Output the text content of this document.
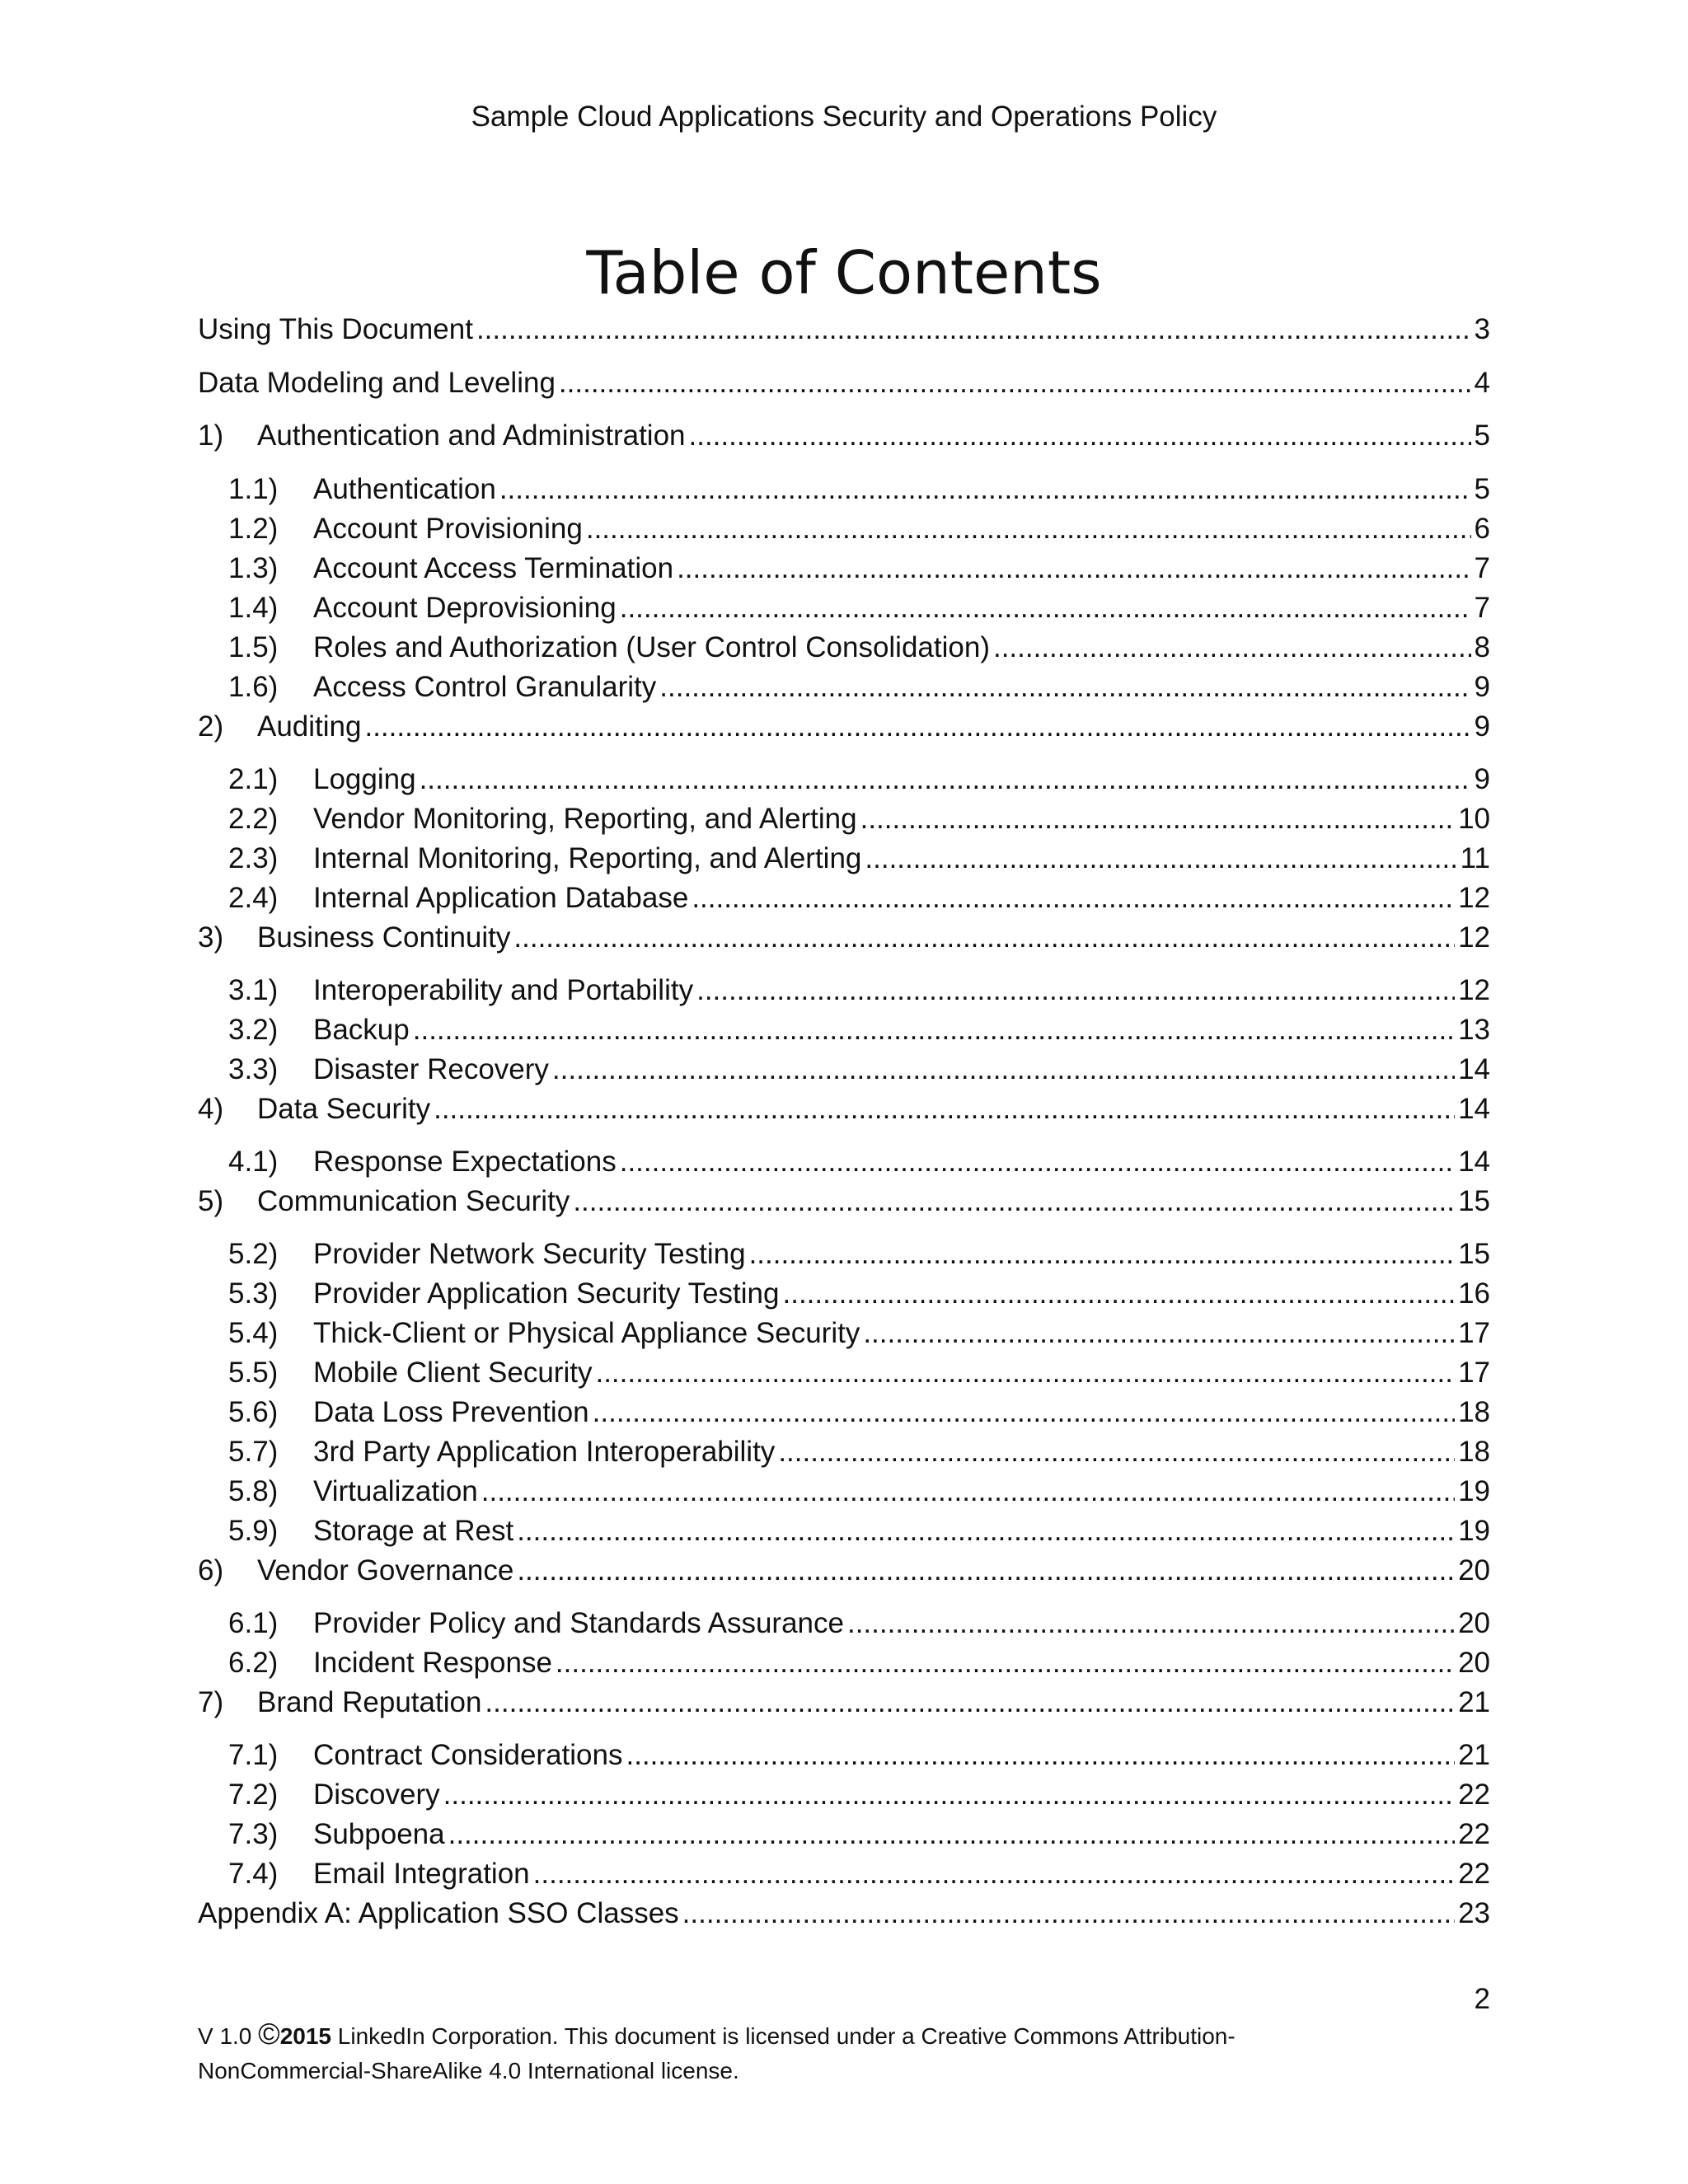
Sample Cloud Applications Security and Operations Policy
Table of Contents
Using This Document .....	3
Data Modeling and Leveling .....	4
1)	Authentication and Administration .....	5
1.1)	Authentication .....	5
1.2)	Account Provisioning .....	6
1.3)	Account Access Termination .....	7
1.4)	Account Deprovisioning .....	7
1.5)	Roles and Authorization (User Control Consolidation) .....	8
1.6)	Access Control Granularity .....	9
2)	Auditing .....	9
2.1)	Logging .....	9
2.2)	Vendor Monitoring, Reporting, and Alerting .....	10
2.3)	Internal Monitoring, Reporting, and Alerting .....	11
2.4)	Internal Application Database .....	12
3)	Business Continuity .....	12
3.1)	Interoperability and Portability .....	12
3.2)	Backup .....	13
3.3)	Disaster Recovery .....	14
4)	Data Security .....	14
4.1)	Response Expectations .....	14
5)	Communication Security .....	15
5.2)	Provider Network Security Testing .....	15
5.3)	Provider Application Security Testing .....	16
5.4)	Thick-Client or Physical Appliance Security .....	17
5.5)	Mobile Client Security .....	17
5.6)	Data Loss Prevention .....	18
5.7)	3rd Party Application Interoperability .....	18
5.8)	Virtualization .....	19
5.9)	Storage at Rest .....	19
6)	Vendor Governance .....	20
6.1)	Provider Policy and Standards Assurance .....	20
6.2)	Incident Response .....	20
7)	Brand Reputation .....	21
7.1)	Contract Considerations .....	21
7.2)	Discovery .....	22
7.3)	Subpoena .....	22
7.4)	Email Integration .....	22
Appendix A: Application SSO Classes .....	23
2
V 1.0 ©2015 LinkedIn Corporation. This document is licensed under a Creative Commons Attribution-
NonCommercial-ShareAlike 4.0 International license.
